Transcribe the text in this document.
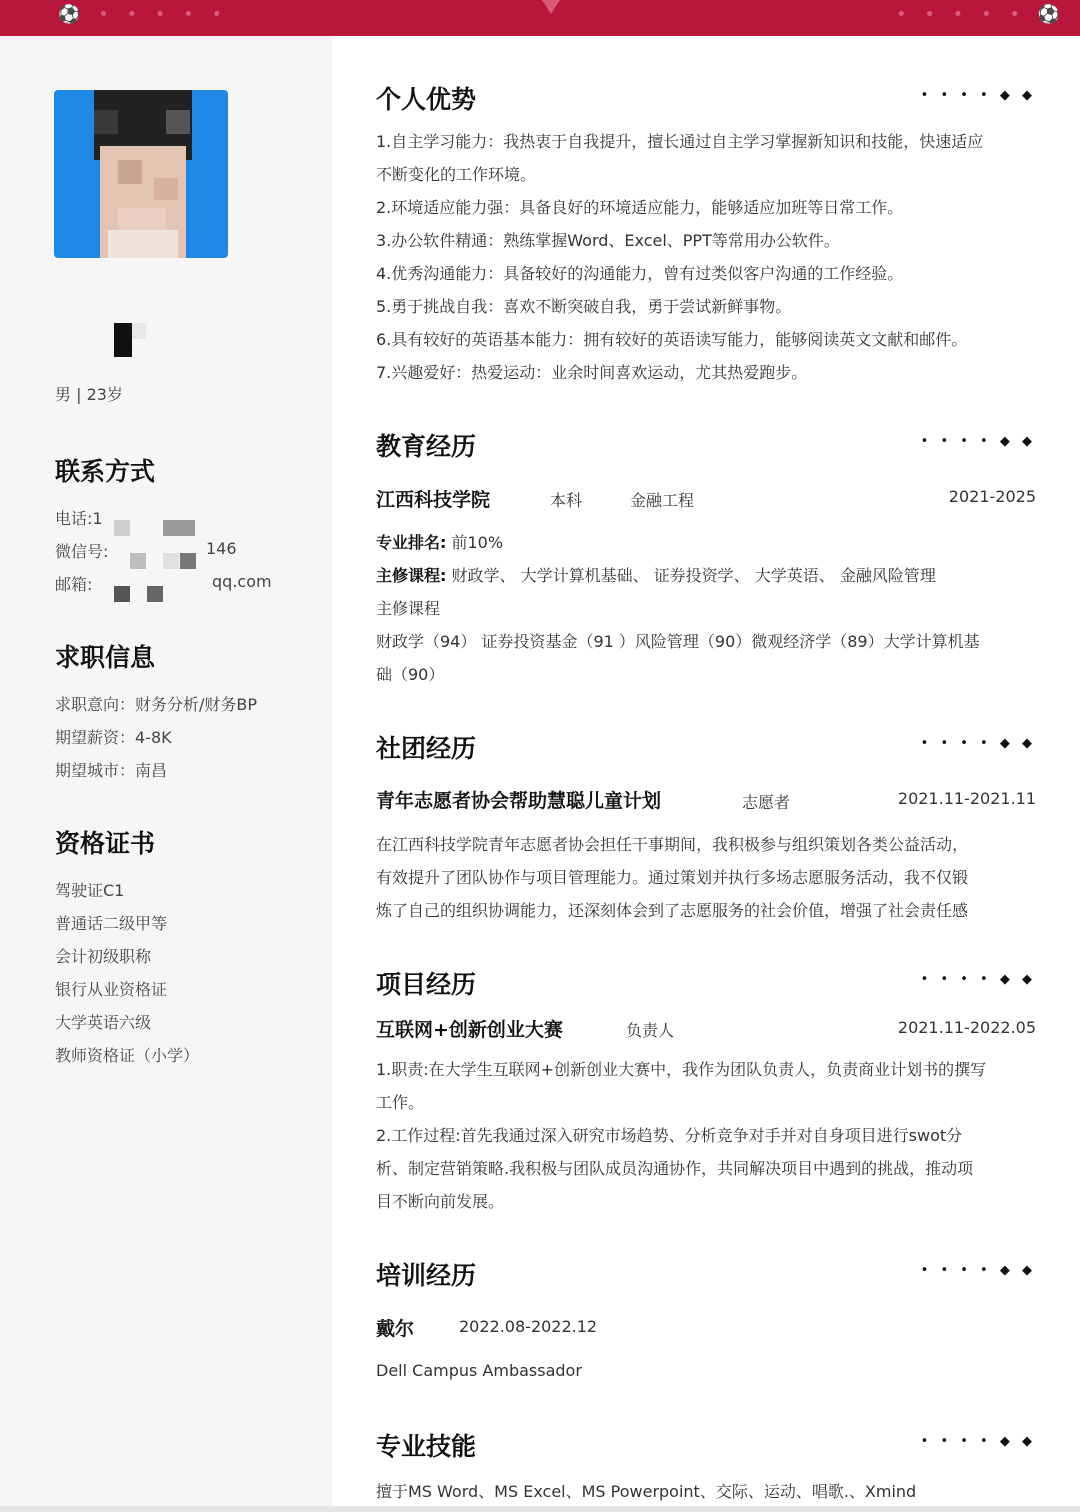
⚽ • • • • •	• • • • • ⚽
男 | 23岁
联系方式
电话:1
微信号:	146
邮箱:	qq.com
求职信息
求职意向：财务分析/财务BP
期望薪资：4-8K
期望城市：南昌
资格证书
驾驶证C1
普通话二级甲等
会计初级职称
银行从业资格证
大学英语六级
教师资格证（小学）
个人优势	• • • • ◆ ◆
1.自主学习能力：我热衷于自我提升，擅长通过自主学习掌握新知识和技能，快速适应
不断变化的工作环境。
2.环境适应能力强：具备良好的环境适应能力，能够适应加班等日常工作。
3.办公软件精通：熟练掌握Word、Excel、PPT等常用办公软件。
4.优秀沟通能力：具备较好的沟通能力，曾有过类似客户沟通的工作经验。
5.勇于挑战自我：喜欢不断突破自我，勇于尝试新鲜事物。
6.具有较好的英语基本能力：拥有较好的英语读写能力，能够阅读英文文献和邮件。
7.兴趣爱好：热爱运动：业余时间喜欢运动，尤其热爱跑步。
教育经历	• • • • ◆ ◆
江西科技学院	本科	金融工程	2021-2025
专业排名: 前10%
主修课程: 财政学、 大学计算机基础、 证券投资学、 大学英语、 金融风险管理
主修课程
财政学（94） 证券投资基金（91 ）风险管理（90）微观经济学（89）大学计算机基
础（90）
社团经历	• • • • ◆ ◆
青年志愿者协会帮助慧聪儿童计划	志愿者	2021.11-2021.11
在江西科技学院青年志愿者协会担任干事期间，我积极参与组织策划各类公益活动，
有效提升了团队协作与项目管理能力。通过策划并执行多场志愿服务活动，我不仅锻
炼了自己的组织协调能力，还深刻体会到了志愿服务的社会价值，增强了社会责任感
项目经历	• • • • ◆ ◆
互联网+创新创业大赛	负责人	2021.11-2022.05
1.职责:在大学生互联网+创新创业大赛中，我作为团队负责人，负责商业计划书的撰写
工作。
2.工作过程:首先我通过深入研究市场趋势、分析竞争对手并对自身项目进行swot分
析、制定营销策略.我积极与团队成员沟通协作，共同解决项目中遇到的挑战，推动项
目不断向前发展。
培训经历	• • • • ◆ ◆
戴尔	2022.08-2022.12
Dell Campus Ambassador
专业技能	• • • • ◆ ◆
擅于MS Word、MS Excel、MS Powerpoint、交际、运动、唱歌.、Xmind
